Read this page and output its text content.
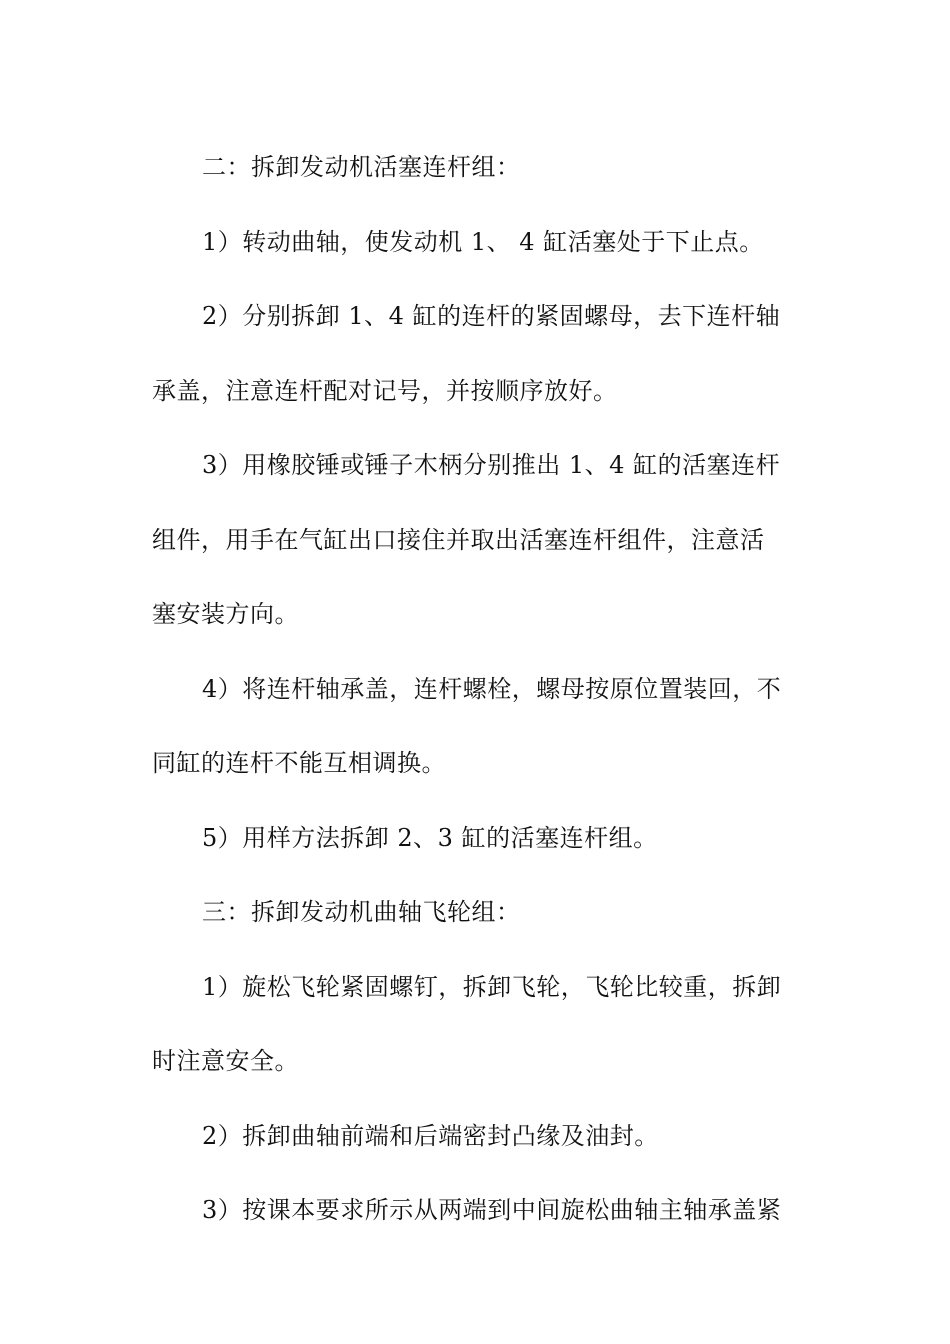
二：拆卸发动机活塞连杆组：
1）转动曲轴，使发动机 1、 4 缸活塞处于下止点。
2）分别拆卸 1、4 缸的连杆的紧固螺母，去下连杆轴
承盖，注意连杆配对记号，并按顺序放好。
3）用橡胶锤或锤子木柄分别推出 1、4 缸的活塞连杆
组件，用手在气缸出口接住并取出活塞连杆组件，注意活
塞安装方向。
4）将连杆轴承盖，连杆螺栓，螺母按原位置装回，不
同缸的连杆不能互相调换。
5）用样方法拆卸 2、3 缸的活塞连杆组。
三：拆卸发动机曲轴飞轮组：
1）旋松飞轮紧固螺钉，拆卸飞轮，飞轮比较重，拆卸
时注意安全。
2）拆卸曲轴前端和后端密封凸缘及油封。
3）按课本要求所示从两端到中间旋松曲轴主轴承盖紧
